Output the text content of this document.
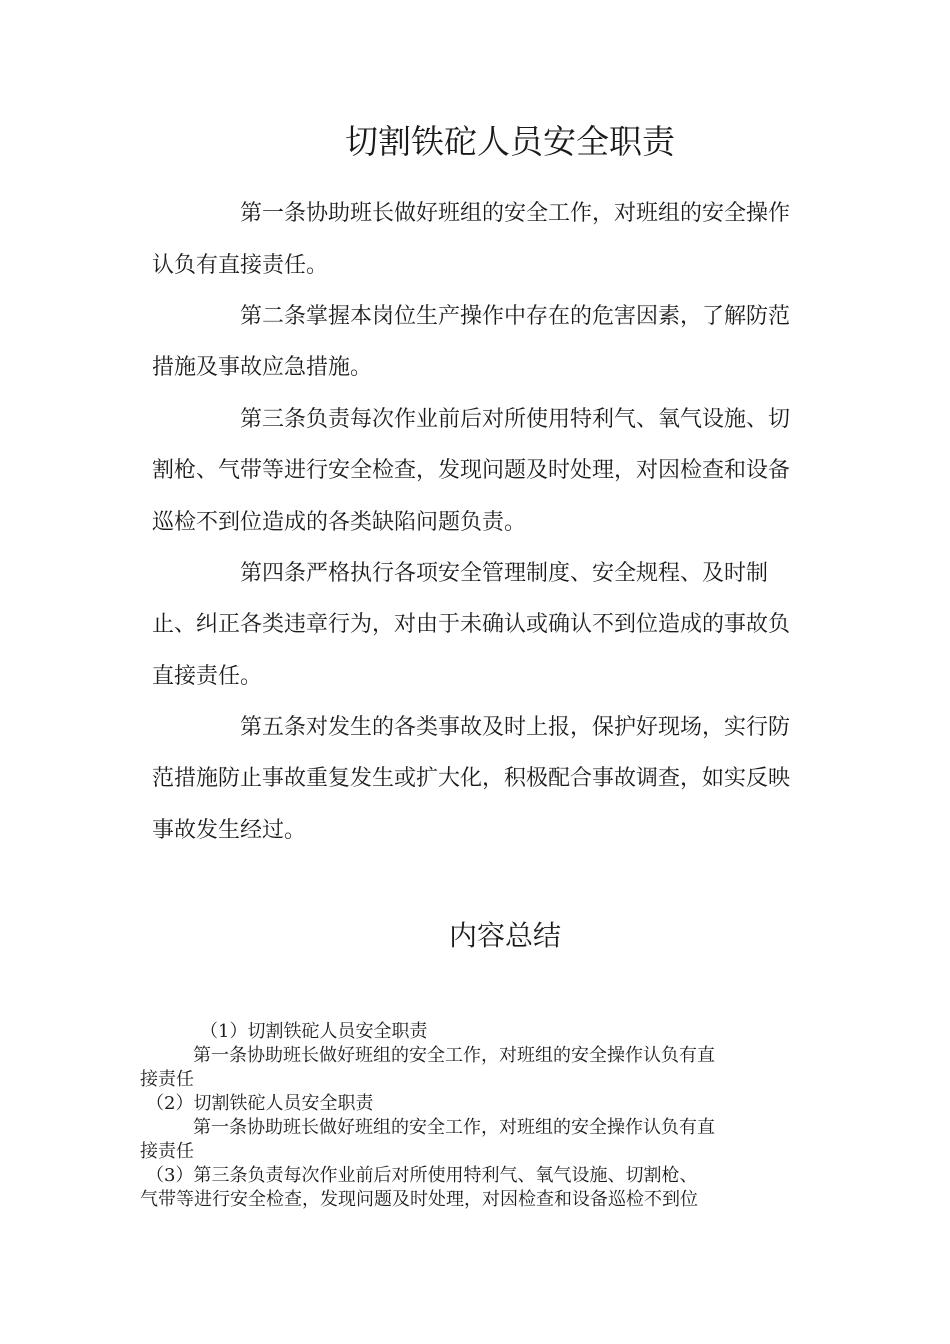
切割铁砣人员安全职责
第一条协助班长做好班组的安全工作，对班组的安全操作
认负有直接责任。
第二条掌握本岗位生产操作中存在的危害因素，了解防范
措施及事故应急措施。
第三条负责每次作业前后对所使用特利气、氧气设施、切
割枪、气带等进行安全检查，发现问题及时处理，对因检查和设备
巡检不到位造成的各类缺陷问题负责。
第四条严格执行各项安全管理制度、安全规程、及时制
止、纠正各类违章行为，对由于未确认或确认不到位造成的事故负
直接责任。
第五条对发生的各类事故及时上报，保护好现场，实行防
范措施防止事故重复发生或扩大化，积极配合事故调查，如实反映
事故发生经过。
内容总结
（1）切割铁砣人员安全职责
第一条协助班长做好班组的安全工作，对班组的安全操作认负有直
接责任
（2）切割铁砣人员安全职责
第一条协助班长做好班组的安全工作，对班组的安全操作认负有直
接责任
（3）第三条负责每次作业前后对所使用特利气、氧气设施、切割枪、
气带等进行安全检查，发现问题及时处理，对因检查和设备巡检不到位
